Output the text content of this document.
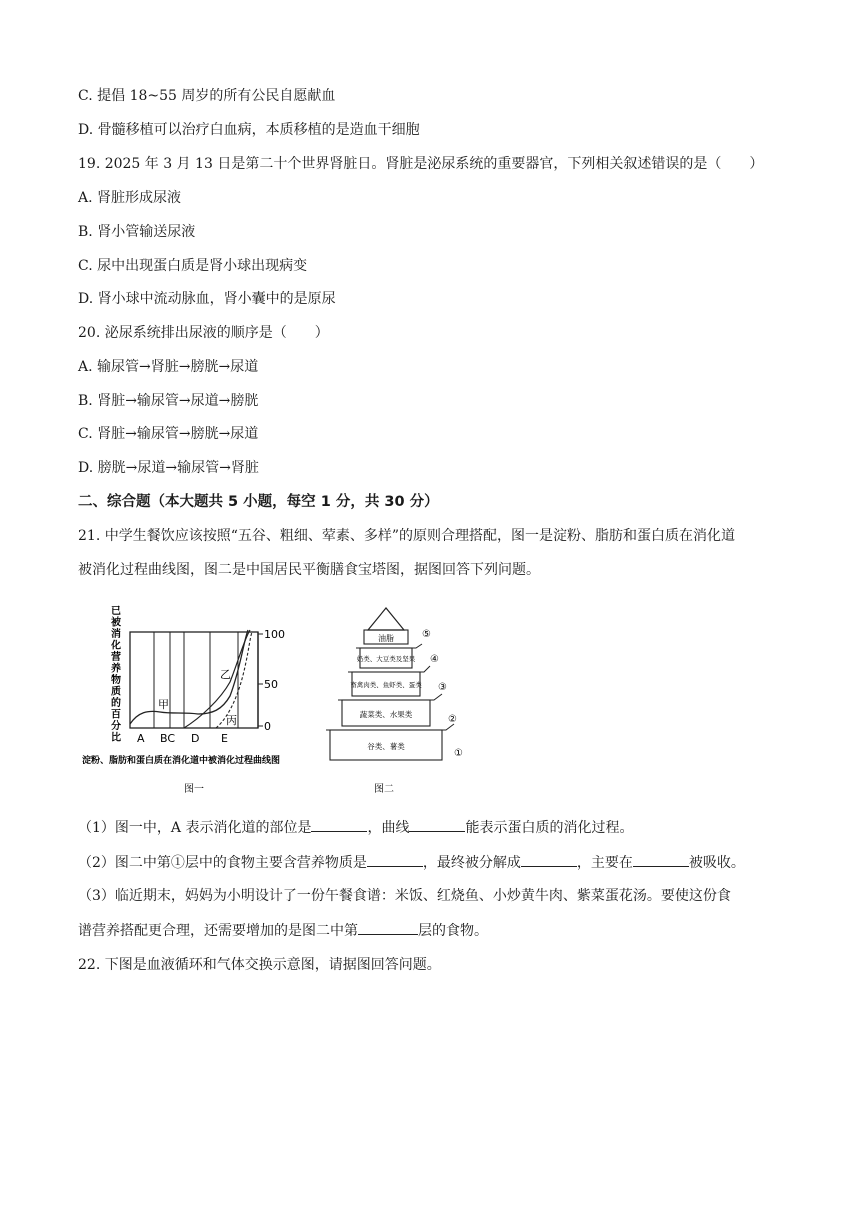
C. 提倡 18~55 周岁的所有公民自愿献血
D. 骨髓移植可以治疗白血病，本质移植的是造血干细胞
19. 2025 年 3 月 13 日是第二十个世界肾脏日。肾脏是泌尿系统的重要器官，下列相关叙述错误的是（　　）
A. 肾脏形成尿液
B. 肾小管输送尿液
C. 尿中出现蛋白质是肾小球出现病变
D. 肾小球中流动脉血，肾小囊中的是原尿
20. 泌尿系统排出尿液的顺序是（　　）
A. 输尿管→肾脏→膀胱→尿道
B. 肾脏→输尿管→尿道→膀胱
C. 肾脏→输尿管→膀胱→尿道
D. 膀胱→尿道→输尿管→肾脏
二、综合题（本大题共 5 小题，每空 1 分，共 30 分）
21. 中学生餐饮应该按照“五谷、粗细、荤素、多样”的原则合理搭配，图一是淀粉、脂肪和蛋白质在消化道
被消化过程曲线图，图二是中国居民平衡膳食宝塔图，据图回答下列问题。
已
被
消
化
营
养
物
质
的
百
分
比
100
50
0
甲
乙
丙
A BC D E
淀粉、脂肪和蛋白质在消化道中被消化过程曲线图
图一
油脂
奶类、大豆类及坚果
畜禽肉类、鱼虾类、蛋类
蔬菜类、水果类
谷类、薯类
⑤
④
③
②
①
图二
（1）图一中，A 表示消化道的部位是	，曲线	能表示蛋白质的消化过程。
（2）图二中第①层中的食物主要含营养物质是	，最终被分解成	，主要在	被吸收。
（3）临近期末，妈妈为小明设计了一份午餐食谱：米饭、红烧鱼、小炒黄牛肉、紫菜蛋花汤。要使这份食
谱营养搭配更合理，还需要增加的是图二中第	层的食物。
22. 下图是血液循环和气体交换示意图，请据图回答问题。
